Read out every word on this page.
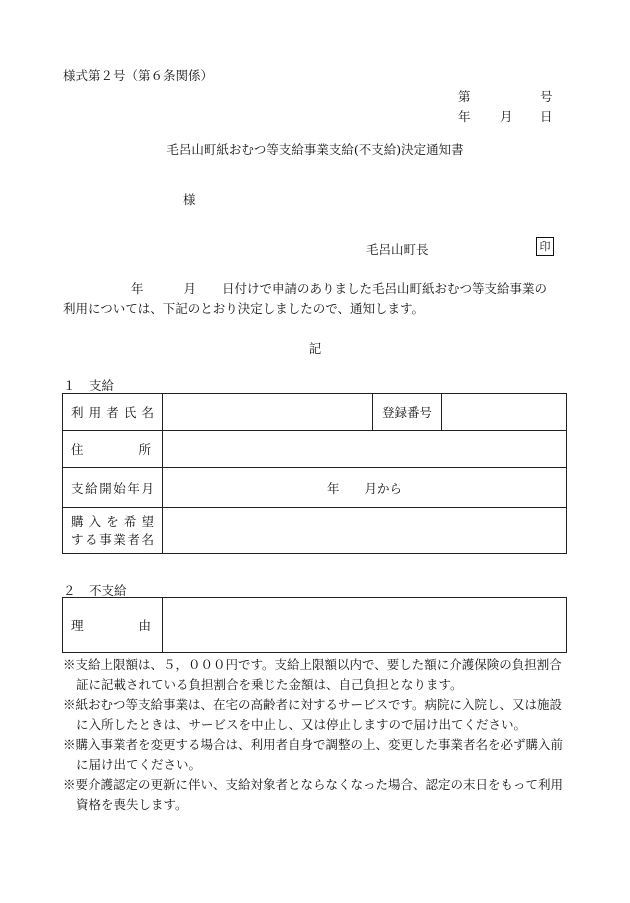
様式第２号（第６条関係）
第	号
年 月 日
毛呂山町紙おむつ等支給事業支給(不支給)決定通知書
様
毛呂山町長	印
年	月 日付けで申請のありました毛呂山町紙おむつ等支給事業の
利用については、下記のとおり決定しましたので、通知します。
記
１ 支給
利用者氏名		登録番号	

住所			

支給開始年月	年　　月から		

購入を希望
する事業者名			

２ 不支給
理由

※支給上限額は、５，０００円です。支給上限額以内で、要した額に介護保険の負担割合証に記載されている負担割合を乗じた金額は、自己負担となります。
※紙おむつ等支給事業は、在宅の高齢者に対するサービスです。病院に入院し、又は施設に入所したときは、サービスを中止し、又は停止しますので届け出てください。
※購入事業者を変更する場合は、利用者自身で調整の上、変更した事業者名を必ず購入前に届け出てください。
※要介護認定の更新に伴い、支給対象者とならなくなった場合、認定の末日をもって利用資格を喪失します。
